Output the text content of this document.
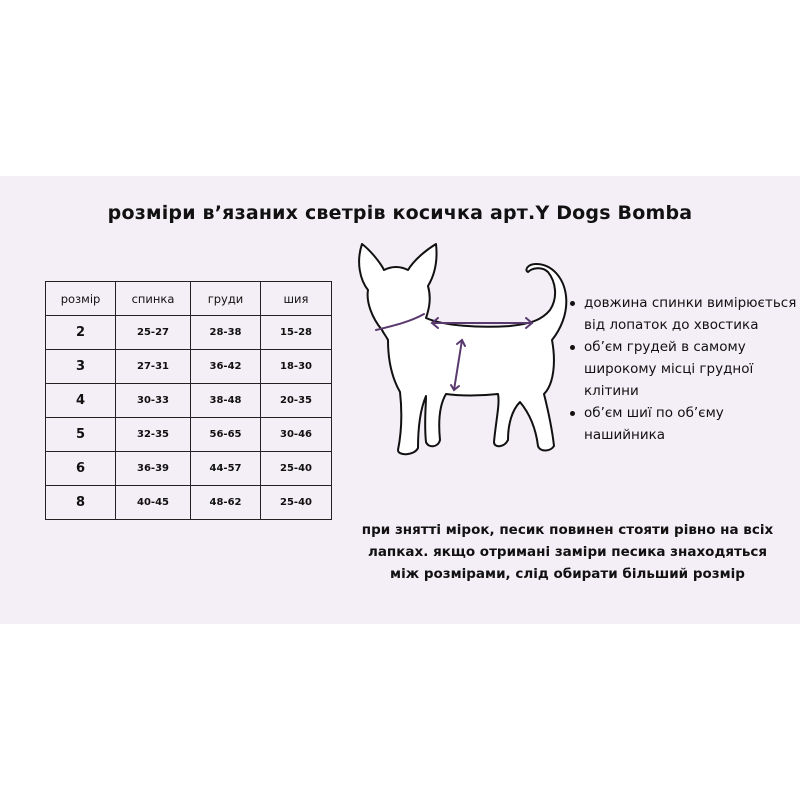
розміри в’язаних светрів косичка арт.Y Dogs Bomba
розмір	спинка	груди	шия
2	25-27	28-38	15-28
3	27-31	36-42	18-30
4	30-33	38-48	20-35
5	32-35	56-65	30-46
6	36-39	44-57	25-40
8	40-45	48-62	25-40
довжина спинки вимірюється від лопаток до хвостика
об’єм грудей в самому широкому місці грудної клітини
об’єм шиї по об’єму нашийника
при знятті мірок, песик повинен стояти рівно на всіх лапках. якщо отримані заміри песика знаходяться між розмірами, слід обирати більший розмір
